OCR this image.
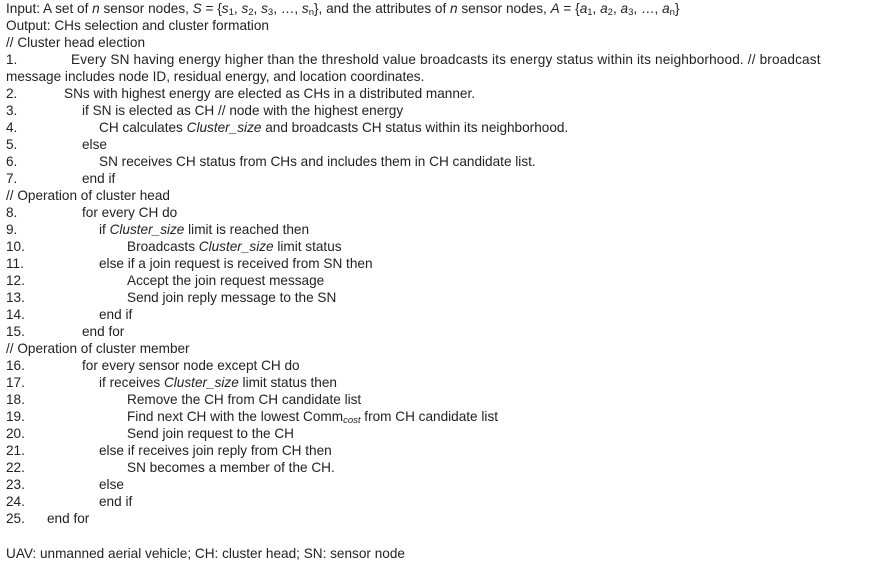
Input: A set of n sensor nodes, $S = \{s_1$, $s_2$, $s_3$, …, $s_n$}, and the attributes of n sensor nodes, $A = \{a_1$, $a_2$, $a_3$, …, $a_n$}
Output: CHs selection and cluster formation
// Cluster head election
1.	Every SN having energy higher than the threshold value broadcasts its energy status within its neighborhood. // broadcast
message includes node ID, residual energy, and location coordinates.
2.	SNs with highest energy are elected as CHs in a distributed manner.
3.	if SN is elected as CH // node with the highest energy
4.	CH calculates Cluster_size and broadcasts CH status within its neighborhood.
5.	else
6.	SN receives CH status from CHs and includes them in CH candidate list.
7.	end if
// Operation of cluster head
8.	for every CH do
9.	if Cluster_size limit is reached then
10.	Broadcasts Cluster_size limit status
11.	else if a join request is received from SN then
12.	Accept the join request message
13.	Send join reply message to the SN
14.	end if
15.	end for
// Operation of cluster member
16.	for every sensor node except CH do
17.	if receives Cluster_size limit status then
18.	Remove the CH from CH candidate list
19.	Find next CH with the lowest Comm$_{cost}$ from CH candidate list
20.	Send join request to the CH
21.	else if receives join reply from CH then
22.	SN becomes a member of the CH.
23.	else
24.	end if
25. end for
UAV: unmanned aerial vehicle; CH: cluster head; SN: sensor node
